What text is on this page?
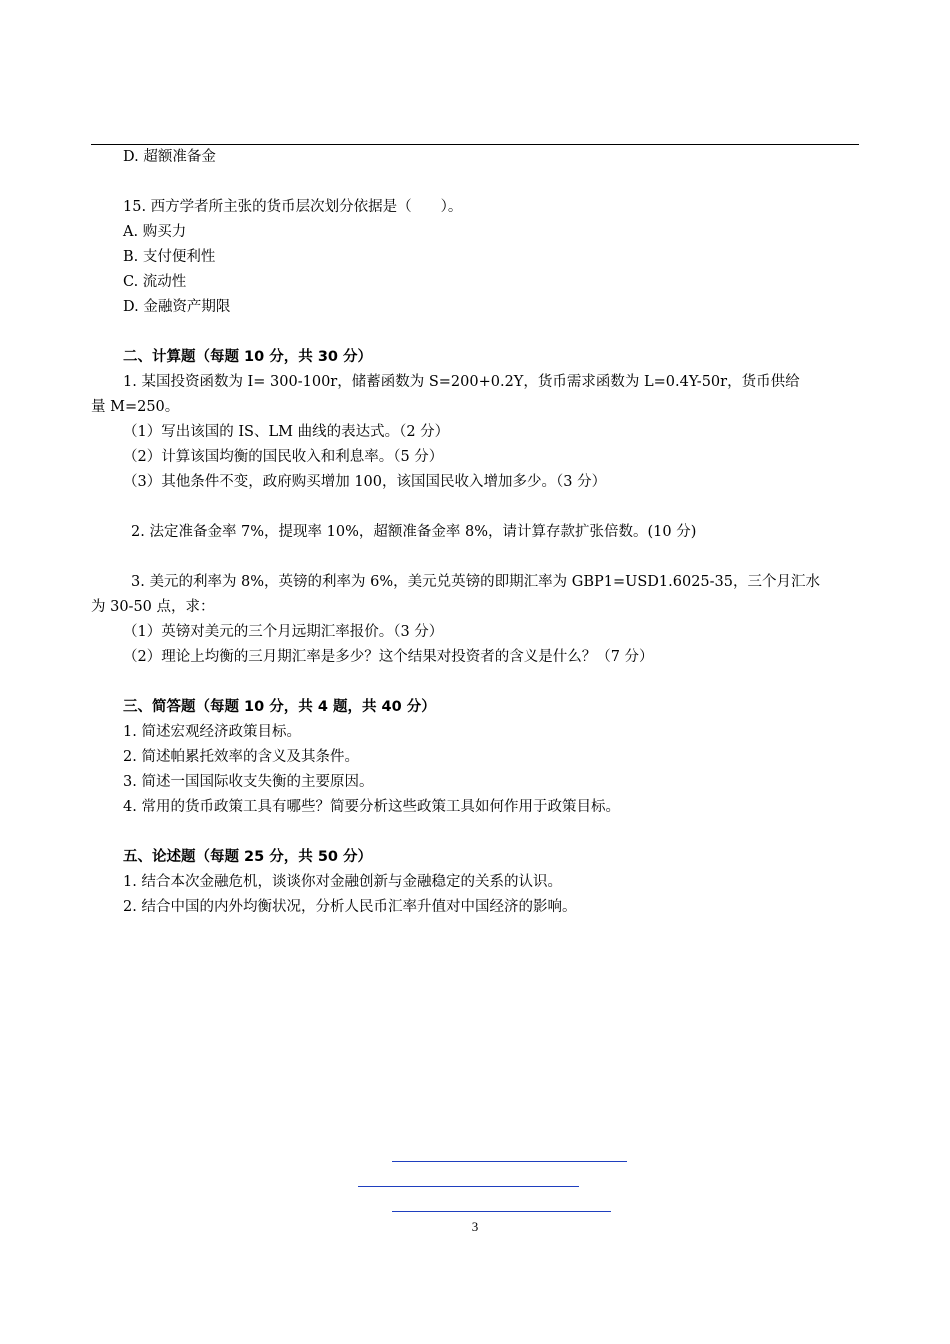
D. 超额准备金
15. 西方学者所主张的货币层次划分依据是（　　）。
A. 购买力
B. 支付便利性
C. 流动性
D. 金融资产期限
二、计算题（每题 10 分，共 30 分）
1. 某国投资函数为 I= 300-100r，储蓄函数为 S=200+0.2Y，货币需求函数为 L=0.4Y-50r，货币供给
量 M=250。
（1）写出该国的 IS、LM 曲线的表达式。（2 分）
（2）计算该国均衡的国民收入和利息率。（5 分）
（3）其他条件不变，政府购买增加 100，该国国民收入增加多少。（3 分）
2. 法定准备金率 7%，提现率 10%，超额准备金率 8%，请计算存款扩张倍数。(10 分)
3. 美元的利率为 8%，英镑的利率为 6%，美元兑英镑的即期汇率为 GBP1=USD1.6025-35，三个月汇水
为 30-50 点，求：
（1）英镑对美元的三个月远期汇率报价。（3 分）
（2）理论上均衡的三月期汇率是多少？这个结果对投资者的含义是什么？（7 分）
三、简答题（每题 10 分，共 4 题，共 40 分）
1. 简述宏观经济政策目标。
2. 简述帕累托效率的含义及其条件。
3. 简述一国国际收支失衡的主要原因。
4. 常用的货币政策工具有哪些？简要分析这些政策工具如何作用于政策目标。
五、论述题（每题 25 分，共 50 分）
1. 结合本次金融危机，谈谈你对金融创新与金融稳定的关系的认识。
2. 结合中国的内外均衡状况，分析人民币汇率升值对中国经济的影响。
3
